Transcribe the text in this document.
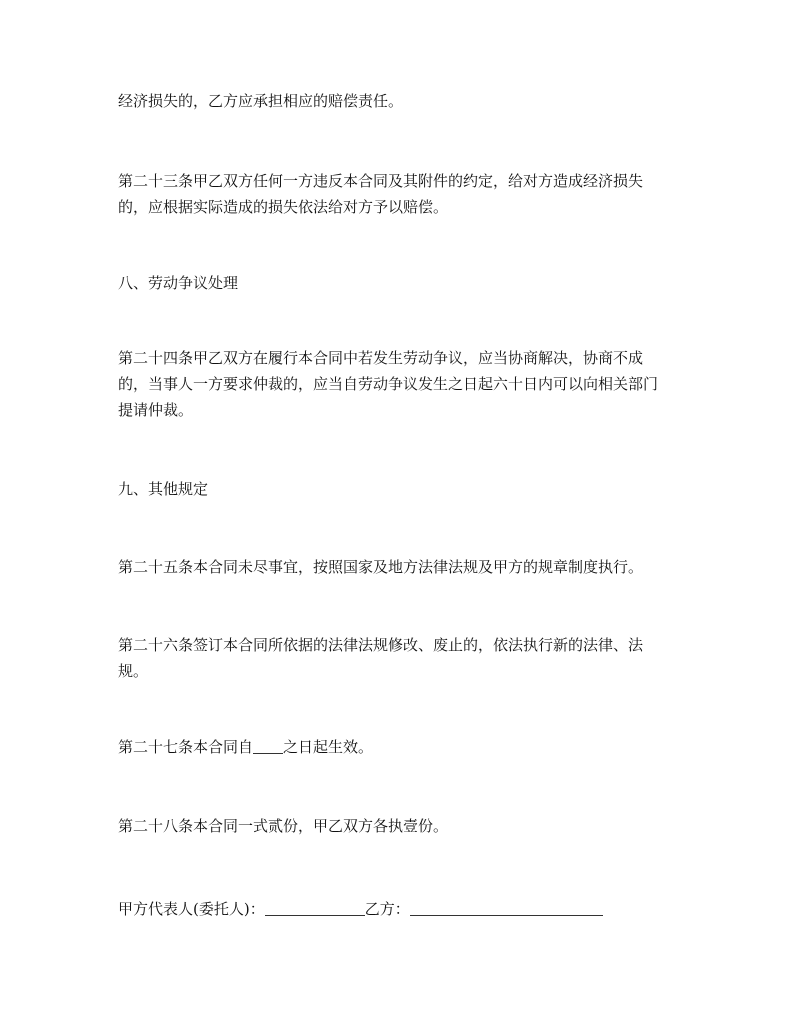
经济损失的，乙方应承担相应的赔偿责任。

第二十三条甲乙双方任何一方违反本合同及其附件的约定，给对方造成经济损失
的，应根据实际造成的损失依法给对方予以赔偿。

八、劳动争议处理

第二十四条甲乙双方在履行本合同中若发生劳动争议，应当协商解决，协商不成
的，当事人一方要求仲裁的，应当自劳动争议发生之日起六十日内可以向相关部门
提请仲裁。

九、其他规定

第二十五条本合同未尽事宜，按照国家及地方法律法规及甲方的规章制度执行。

第二十六条签订本合同所依据的法律法规修改、废止的，依法执行新的法律、法
规。

第二十七条本合同自 之日起生效。

第二十八条本合同一式贰份，甲乙双方各执壹份。

甲方代表人(委托人)：	乙方：
